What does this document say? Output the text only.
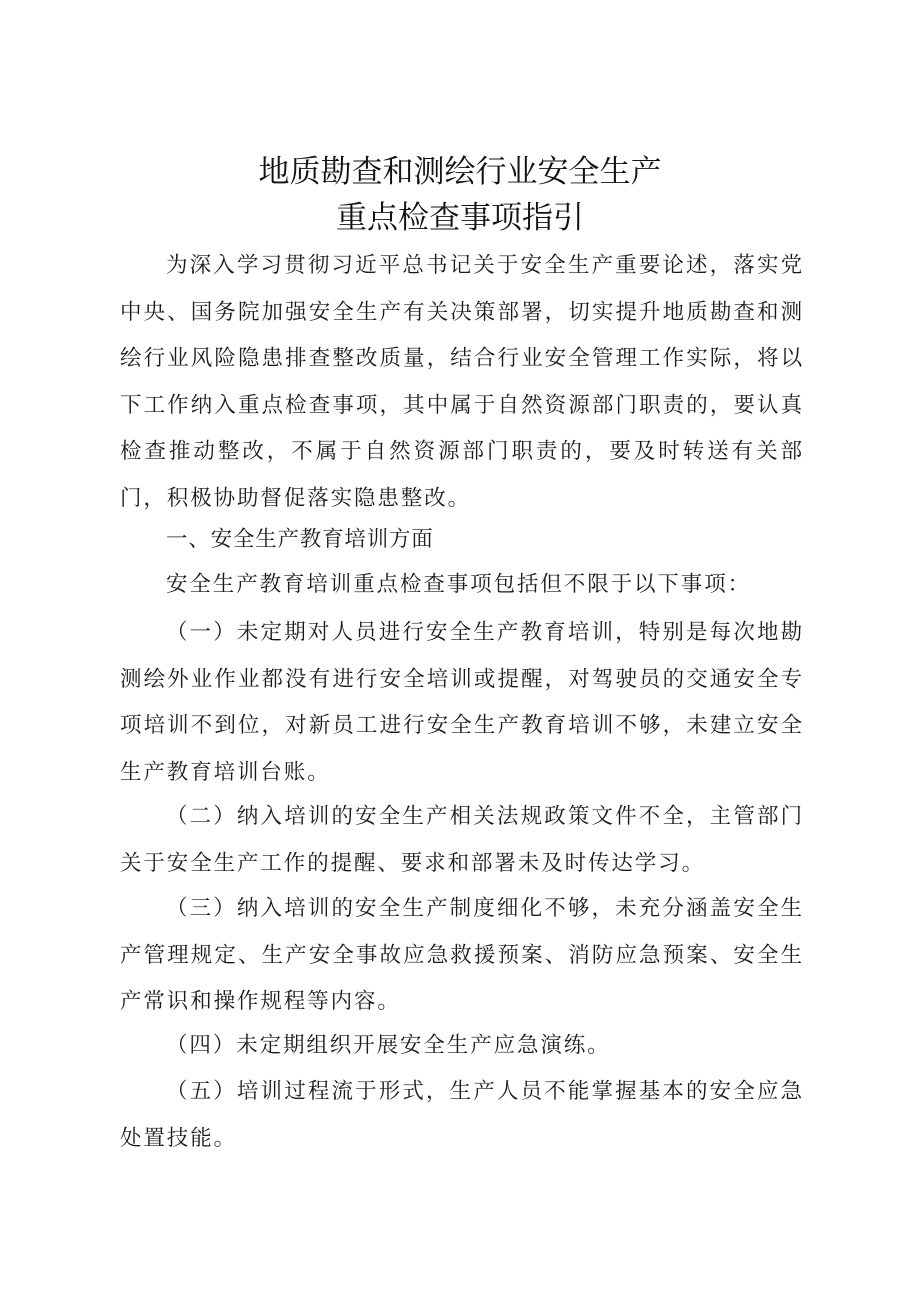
地质勘查和测绘行业安全生产
重点检查事项指引

为深入学习贯彻习近平总书记关于安全生产重要论述，落实党中央、国务院加强安全生产有关决策部署，切实提升地质勘查和测绘行业风险隐患排查整改质量，结合行业安全管理工作实际，将以下工作纳入重点检查事项，其中属于自然资源部门职责的，要认真检查推动整改，不属于自然资源部门职责的，要及时转送有关部门，积极协助督促落实隐患整改。

一、安全生产教育培训方面

安全生产教育培训重点检查事项包括但不限于以下事项：

（一）未定期对人员进行安全生产教育培训，特别是每次地勘测绘外业作业都没有进行安全培训或提醒，对驾驶员的交通安全专项培训不到位，对新员工进行安全生产教育培训不够，未建立安全生产教育培训台账。

（二）纳入培训的安全生产相关法规政策文件不全，主管部门关于安全生产工作的提醒、要求和部署未及时传达学习。

（三）纳入培训的安全生产制度细化不够，未充分涵盖安全生产管理规定、生产安全事故应急救援预案、消防应急预案、安全生产常识和操作规程等内容。

（四）未定期组织开展安全生产应急演练。

（五）培训过程流于形式，生产人员不能掌握基本的安全应急处置技能。
